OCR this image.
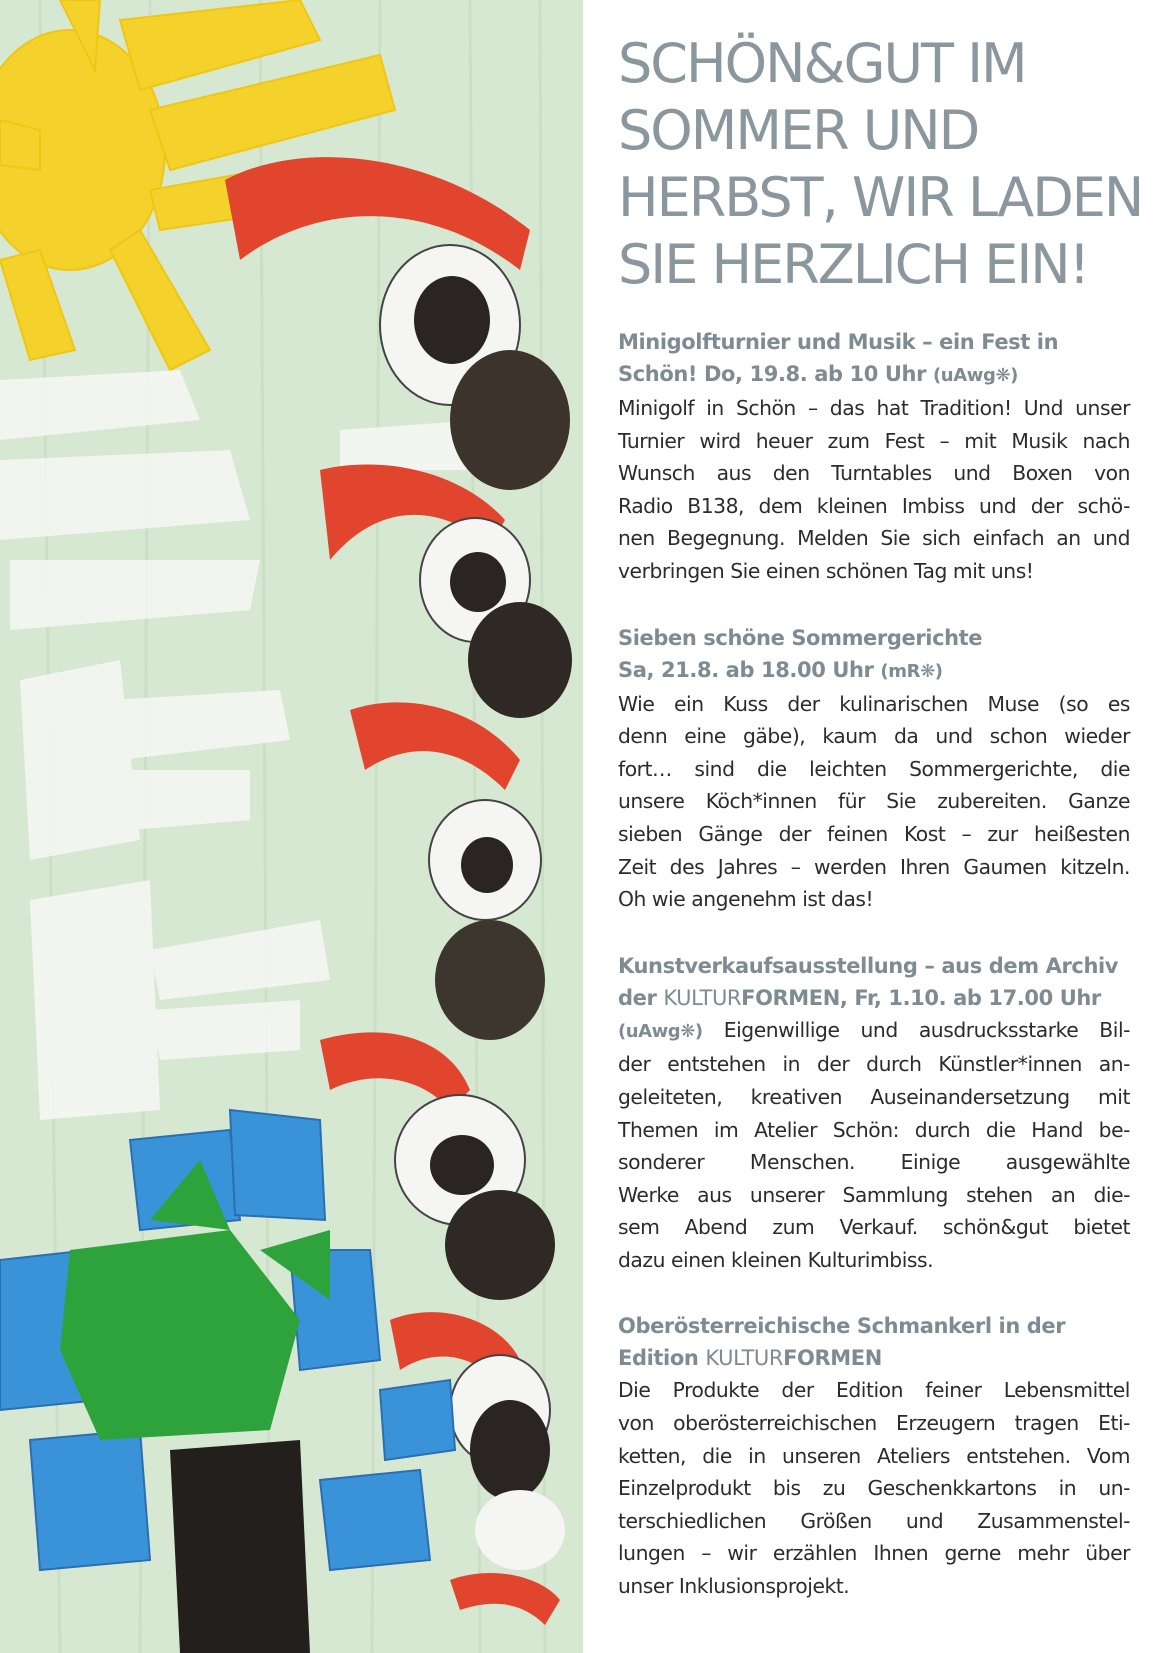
SCHÖN&GUT IM
SOMMER UND
HERBST, WIR LADEN
SIE HERZLICH EIN!
Minigolfturnier und Musik – ein Fest in
Schön! Do, 19.8. ab 10 Uhr (uAwg❋)
Minigolf in Schön – das hat Tradition! Und unser
Turnier wird heuer zum Fest – mit Musik nach
Wunsch aus den Turntables und Boxen von
Radio B138, dem kleinen Imbiss und der schö-
nen Begegnung. Melden Sie sich einfach an und
verbringen Sie einen schönen Tag mit uns!
Sieben schöne Sommergerichte
Sa, 21.8. ab 18.00 Uhr (mR❋)
Wie ein Kuss der kulinarischen Muse (so es
denn eine gäbe), kaum da und schon wieder
fort… sind die leichten Sommergerichte, die
unsere Köch*innen für Sie zubereiten. Ganze
sieben Gänge der feinen Kost – zur heißesten
Zeit des Jahres – werden Ihren Gaumen kitzeln.
Oh wie angenehm ist das!
Kunstverkaufsausstellung – aus dem Archiv
der KULTURFORMEN, Fr, 1.10. ab 17.00 Uhr
(uAwg❋) Eigenwillige und ausdrucksstarke Bil-
der entstehen in der durch Künstler*innen an-
geleiteten, kreativen Auseinandersetzung mit
Themen im Atelier Schön: durch die Hand be-
sonderer Menschen. Einige ausgewählte
Werke aus unserer Sammlung stehen an die-
sem Abend zum Verkauf. schön&gut bietet
dazu einen kleinen Kulturimbiss.
Oberösterreichische Schmankerl in der
Edition KULTURFORMEN
Die Produkte der Edition feiner Lebensmittel
von oberösterreichischen Erzeugern tragen Eti-
ketten, die in unseren Ateliers entstehen. Vom
Einzelprodukt bis zu Geschenkkartons in un-
terschiedlichen Größen und Zusammenstel-
lungen – wir erzählen Ihnen gerne mehr über
unser Inklusionsprojekt.
